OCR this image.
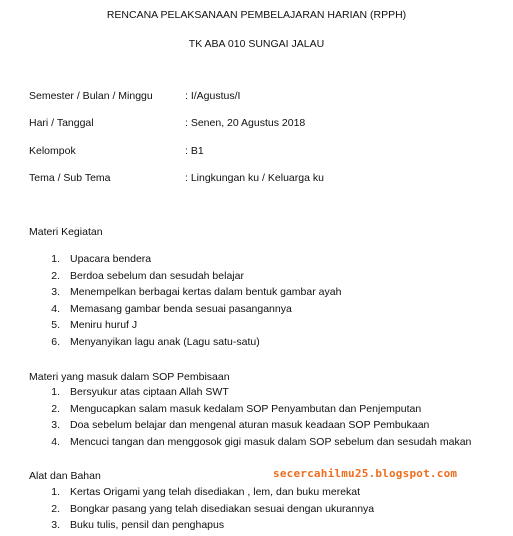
RENCANA PELAKSANAAN PEMBELAJARAN HARIAN (RPPH)
TK ABA 010 SUNGAI JALAU
Semester / Bulan / Minggu	: I/Agustus/I
Hari / Tanggal	: Senen, 20 Agustus 2018
Kelompok	: B1
Tema / Sub Tema	: Lingkungan ku / Keluarga ku
Materi Kegiatan
1. Upacara bendera
2. Berdoa sebelum dan sesudah belajar
3. Menempelkan berbagai kertas dalam bentuk gambar ayah
4. Memasang gambar benda sesuai pasangannya
5. Meniru huruf J
6. Menyanyikan lagu anak (Lagu satu-satu)
Materi yang masuk dalam SOP Pembisaan
1. Bersyukur atas ciptaan Allah SWT
2. Mengucapkan salam masuk kedalam SOP Penyambutan dan Penjemputan
3. Doa sebelum belajar dan mengenal aturan masuk keadaan SOP Pembukaan
4. Mencuci tangan dan menggosok gigi masuk dalam SOP sebelum dan sesudah makan
Alat dan Bahan
1. Kertas Origami yang telah disediakan , lem, dan buku merekat
2. Bongkar pasang yang telah disediakan sesuai dengan ukurannya
3. Buku tulis, pensil dan penghapus
secercahilmu25.blogspot.com
